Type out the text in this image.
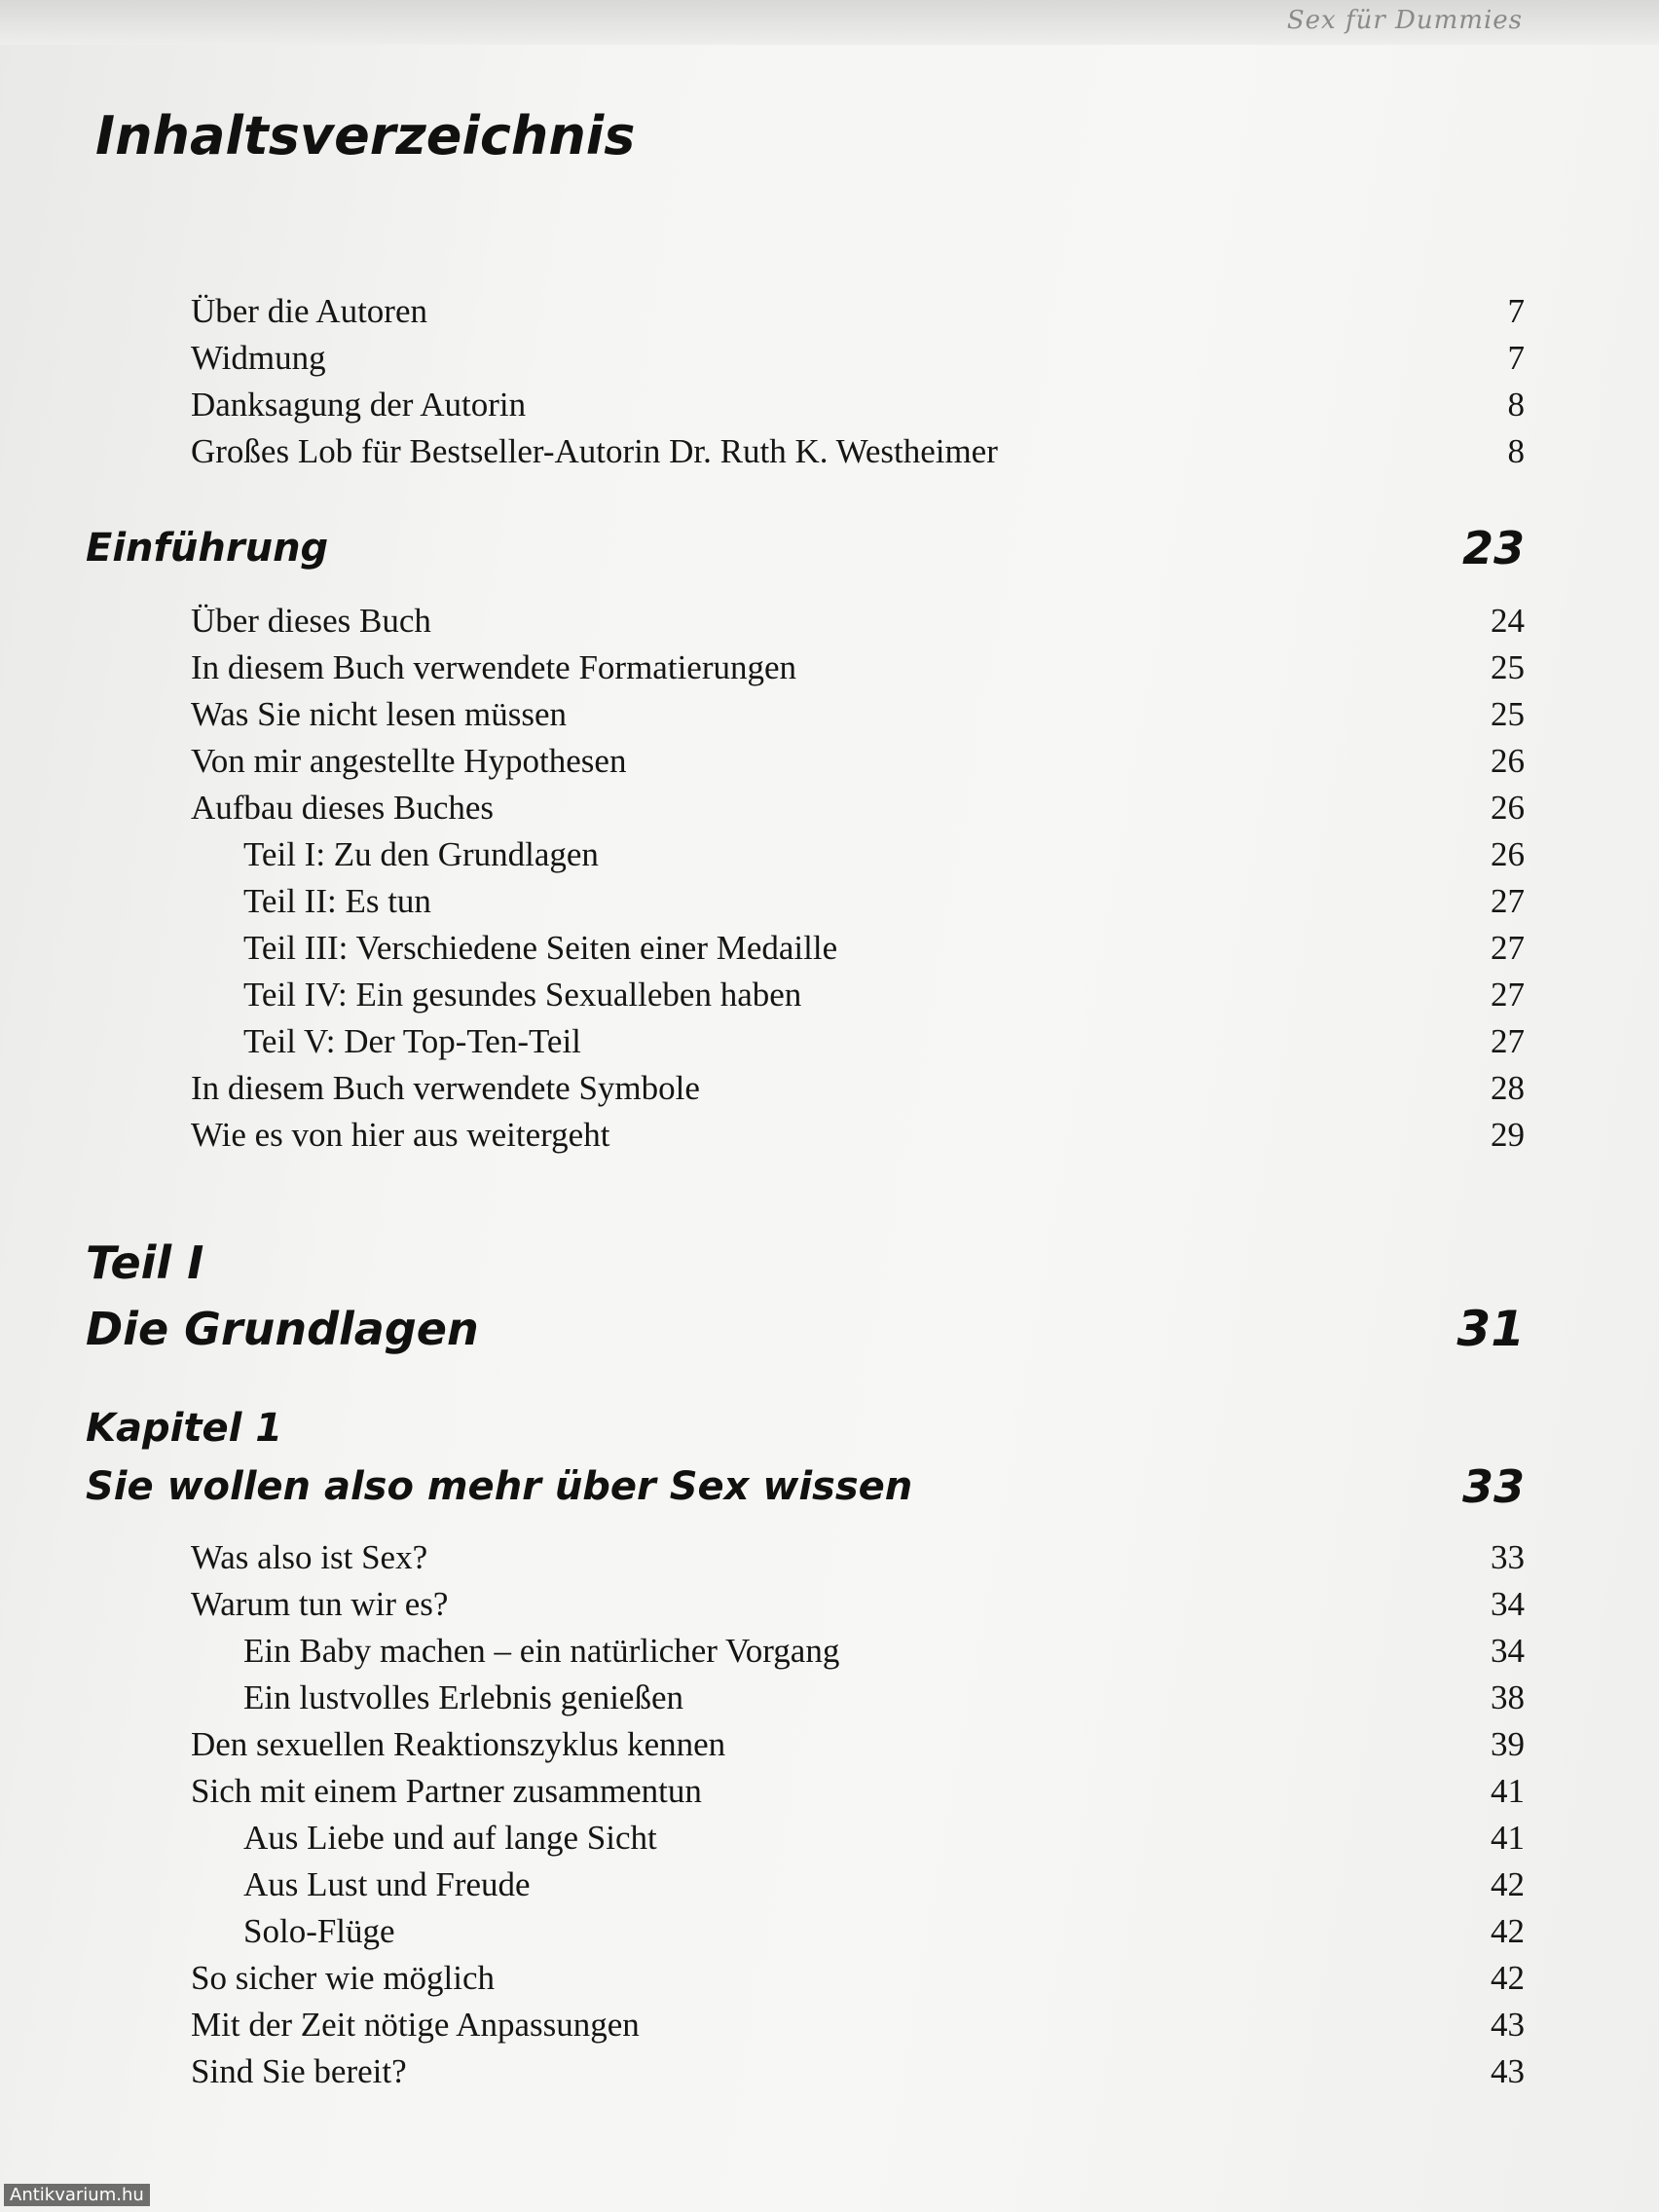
Sex für Dummies
Inhaltsverzeichnis
Über die Autoren	7
Widmung	7
Danksagung der Autorin	8
Großes Lob für Bestseller-Autorin Dr. Ruth K. Westheimer	8
Einführung	23
Über dieses Buch	24
In diesem Buch verwendete Formatierungen	25
Was Sie nicht lesen müssen	25
Von mir angestellte Hypothesen	26
Aufbau dieses Buches	26
Teil I: Zu den Grundlagen	26
Teil II: Es tun	27
Teil III: Verschiedene Seiten einer Medaille	27
Teil IV: Ein gesundes Sexualleben haben	27
Teil V: Der Top-Ten-Teil	27
In diesem Buch verwendete Symbole	28
Wie es von hier aus weitergeht	29
Teil I
Die Grundlagen	31
Kapitel 1
Sie wollen also mehr über Sex wissen	33
Was also ist Sex?	33
Warum tun wir es?	34
Ein Baby machen – ein natürlicher Vorgang	34
Ein lustvolles Erlebnis genießen	38
Den sexuellen Reaktionszyklus kennen	39
Sich mit einem Partner zusammentun	41
Aus Liebe und auf lange Sicht	41
Aus Lust und Freude	42
Solo-Flüge	42
So sicher wie möglich	42
Mit der Zeit nötige Anpassungen	43
Sind Sie bereit?	43
Antikvarium.hu
